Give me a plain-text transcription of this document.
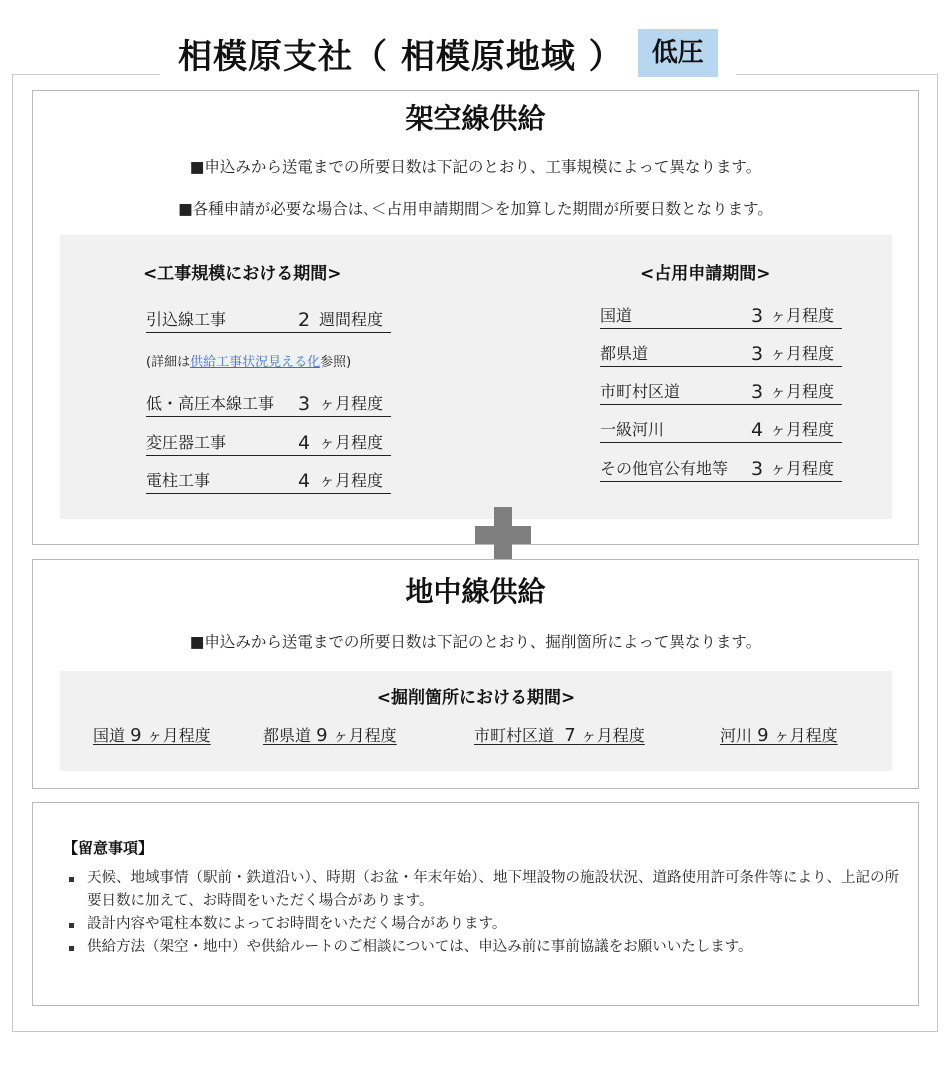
相模原支社（ 相模原地域 ）	低圧
架空線供給
■申込みから送電までの所要日数は下記のとおり、工事規模によって異なります。
■各種申請が必要な場合は､＜占用申請期間＞を加算した期間が所要日数となります。
<工事規模における期間>
引込線工事	2 週間程度
(詳細は供給工事状況見える化参照)
低・高圧本線工事 3 ヶ月程度
変圧器工事	4 ヶ月程度
電柱工事	4 ヶ月程度
<占用申請期間>
国道	3 ヶ月程度
都県道	3 ヶ月程度
市町村区道	3 ヶ月程度
一級河川	4 ヶ月程度
その他官公有地等 3 ヶ月程度
地中線供給
■申込みから送電までの所要日数は下記のとおり、掘削箇所によって異なります。
<掘削箇所における期間>
国道 9 ヶ月程度	都県道 9 ヶ月程度	市町村区道 7 ヶ月程度	河川 9 ヶ月程度
【留意事項】
天候、地域事情（駅前・鉄道沿い）、時期（お盆・年末年始）、地下埋設物の施設状況、道路使用許可条件等により、上記の所要日数に加えて、お時間をいただく場合があります。
設計内容や電柱本数によってお時間をいただく場合があります。
供給方法（架空・地中）や供給ルートのご相談については、申込み前に事前協議をお願いいたします。
